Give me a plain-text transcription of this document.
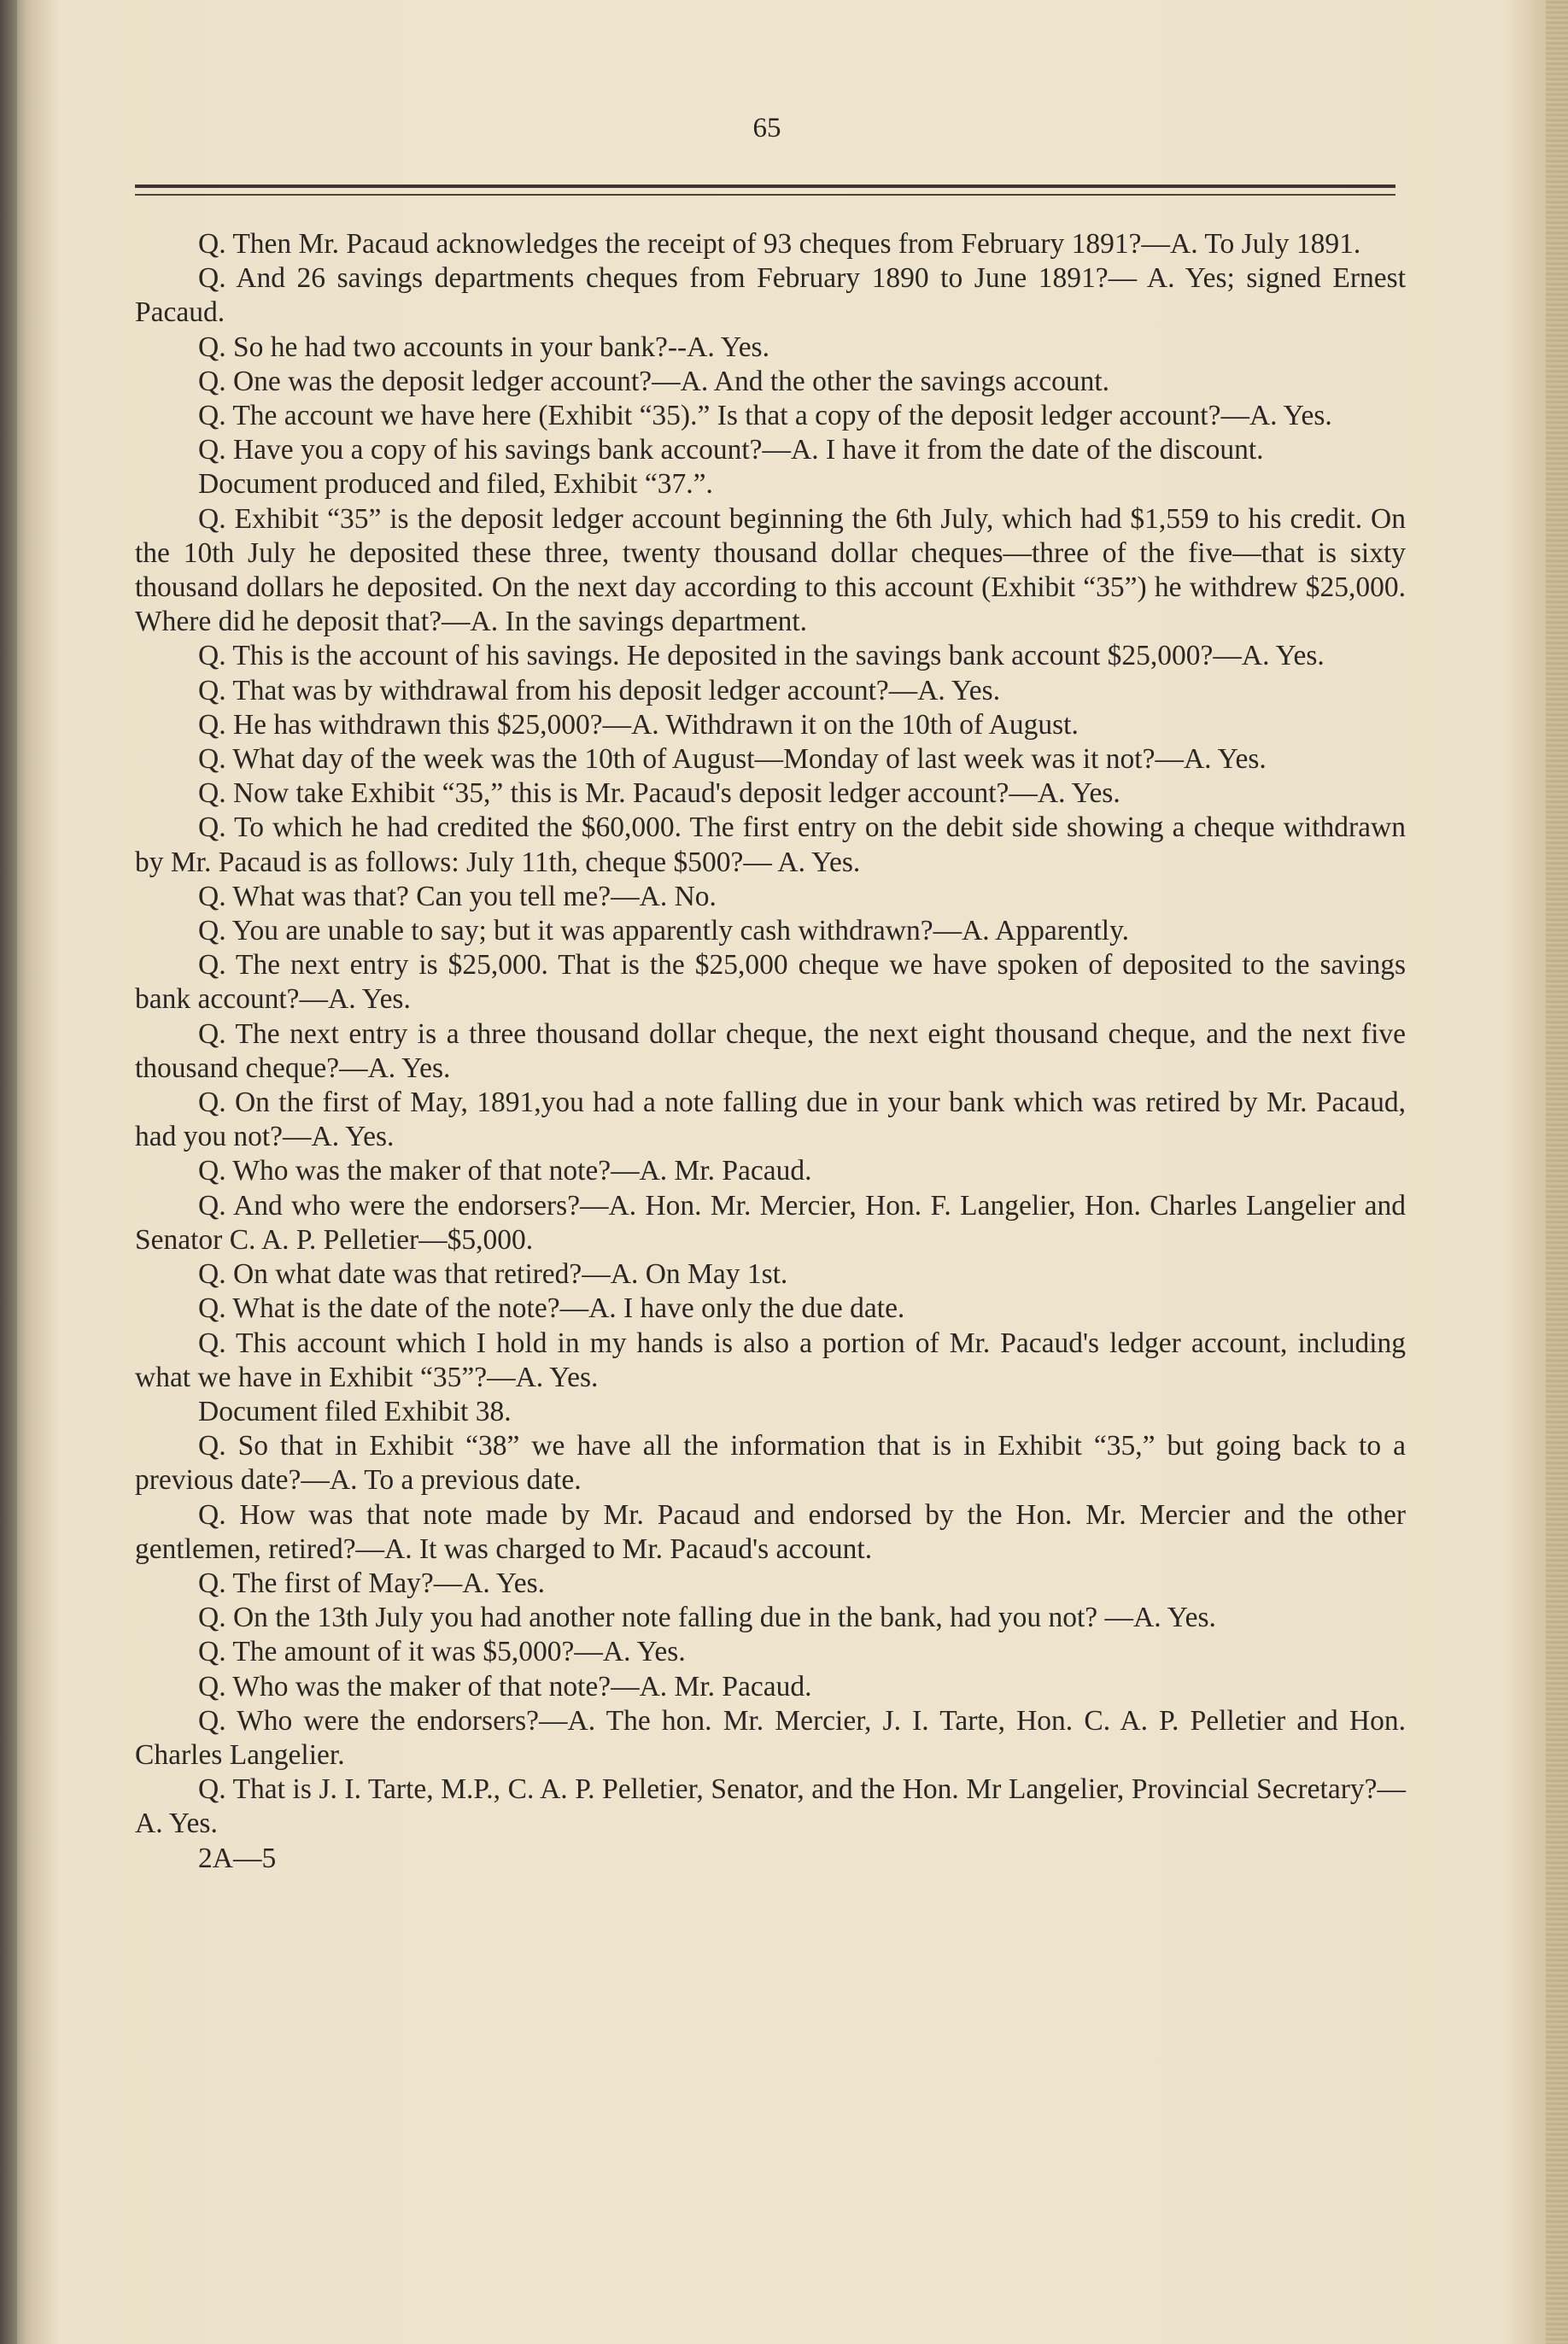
65

Q. Then Mr. Pacaud acknowledges the receipt of 93 cheques from February 1891?—A. To July 1891.

Q. And 26 savings departments cheques from February 1890 to June 1891?— A. Yes; signed Ernest Pacaud.

Q. So he had two accounts in your bank?--A. Yes.

Q. One was the deposit ledger account?—A. And the other the savings account.

Q. The account we have here (Exhibit “35).” Is that a copy of the deposit ledger account?—A. Yes.

Q. Have you a copy of his savings bank account?—A. I have it from the date of the discount.

Document produced and filed, Exhibit “37.”.

Q. Exhibit “35” is the deposit ledger account beginning the 6th July, which had $1,559 to his credit. On the 10th July he deposited these three, twenty thousand dollar cheques—three of the five—that is sixty thousand dollars he deposited. On the next day according to this account (Exhibit “35”) he withdrew $25,000. Where did he deposit that?—A. In the savings department.

Q. This is the account of his savings. He deposited in the savings bank account $25,000?—A. Yes.

Q. That was by withdrawal from his deposit ledger account?—A. Yes.

Q. He has withdrawn this $25,000?—A. Withdrawn it on the 10th of August.

Q. What day of the week was the 10th of August—Monday of last week was it not?—A. Yes.

Q. Now take Exhibit “35,” this is Mr. Pacaud's deposit ledger account?—A. Yes.

Q. To which he had credited the $60,000. The first entry on the debit side showing a cheque withdrawn by Mr. Pacaud is as follows: July 11th, cheque $500?— A. Yes.

Q. What was that? Can you tell me?—A. No.

Q. You are unable to say; but it was apparently cash withdrawn?—A. Apparently.

Q. The next entry is $25,000. That is the $25,000 cheque we have spoken of deposited to the savings bank account?—A. Yes.

Q. The next entry is a three thousand dollar cheque, the next eight thousand cheque, and the next five thousand cheque?—A. Yes.

Q. On the first of May, 1891,you had a note falling due in your bank which was retired by Mr. Pacaud, had you not?—A. Yes.

Q. Who was the maker of that note?—A. Mr. Pacaud.

Q. And who were the endorsers?—A. Hon. Mr. Mercier, Hon. F. Langelier, Hon. Charles Langelier and Senator C. A. P. Pelletier—$5,000.

Q. On what date was that retired?—A. On May 1st.

Q. What is the date of the note?—A. I have only the due date.

Q. This account which I hold in my hands is also a portion of Mr. Pacaud's ledger account, including what we have in Exhibit “35”?—A. Yes.

Document filed Exhibit 38.

Q. So that in Exhibit “38” we have all the information that is in Exhibit “35,” but going back to a previous date?—A. To a previous date.

Q. How was that note made by Mr. Pacaud and endorsed by the Hon. Mr. Mercier and the other gentlemen, retired?—A. It was charged to Mr. Pacaud's account.

Q. The first of May?—A. Yes.

Q. On the 13th July you had another note falling due in the bank, had you not? —A. Yes.

Q. The amount of it was $5,000?—A. Yes.

Q. Who was the maker of that note?—A. Mr. Pacaud.

Q. Who were the endorsers?—A. The hon. Mr. Mercier, J. I. Tarte, Hon. C. A. P. Pelletier and Hon. Charles Langelier.

Q. That is J. I. Tarte, M.P., C. A. P. Pelletier, Senator, and the Hon. Mr Langelier, Provincial Secretary?—A. Yes.

2A—5
